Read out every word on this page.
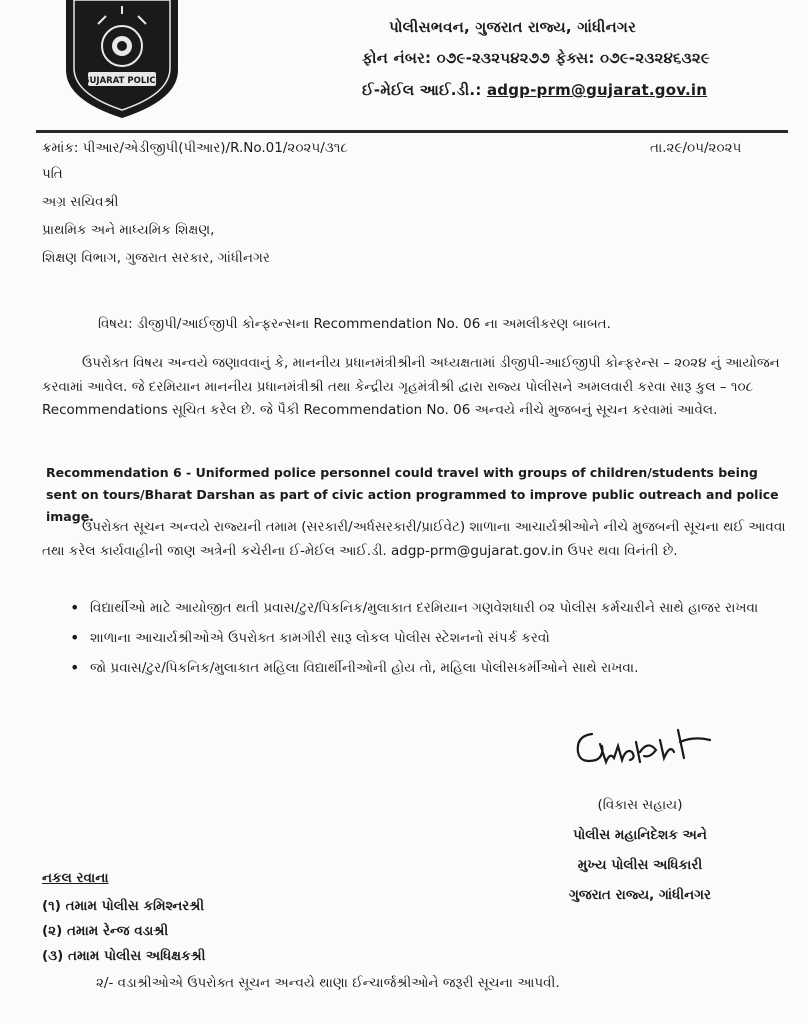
GUJARAT POLICE
પોલીસભવન, ગુજરાત રાજ્ય, ગાંધીનગર
ફોન નંબર: ૦૭૯-૨૩૨૫૪૨૭૭ ફેક્સ: ૦૭૯-૨૩૨૪૬૩૨૯
ઈ-મેઈલ આઈ.ડી.: adgp-prm@gujarat.gov.in
ક્રમાંક: પીઆર/એડીજીપી(પીઆર)/R.No.01/૨૦૨૫/૩૧૮	તા.૨૯/૦૫/૨૦૨૫
પતિ
અગ્ર સચિવશ્રી
પ્રાથમિક અને માધ્યમિક શિક્ષણ,
શિક્ષણ વિભાગ, ગુજરાત સરકાર, ગાંધીનગર
વિષય: ડીજીપી/આઈજીપી કોન્ફરન્સના Recommendation No. 06 ના અમલીકરણ બાબત.
ઉપરોક્ત વિષય અન્વયે જણાવવાનું કે, માનનીય પ્રધાનમંત્રીશ્રીની અધ્યક્ષતામાં ડીજીપી-આઈજીપી કોન્ફરન્સ – ૨૦૨૪ નું આયોજન કરવામાં આવેલ. જે દરમિયાન માનનીય પ્રધાનમંત્રીશ્રી તથા કેન્દ્રીય ગૃહમંત્રીશ્રી દ્વારા રાજ્ય પોલીસને અમલવારી કરવા સારૂ કુલ – ૧૦૮ Recommendations સૂચિત કરેલ છે. જે પૈકી Recommendation No. 06 અન્વયે નીચે મુજબનું સૂચન કરવામાં આવેલ.
Recommendation 6 - Uniformed police personnel could travel with groups of children/students being sent on tours/Bharat Darshan as part of civic action programmed to improve public outreach and police image.
ઉપરોક્ત સૂચન અન્વયે રાજ્યની તમામ (સરકારી/અર્ધસરકારી/પ્રાઈવેટ) શાળાના આચાર્યશ્રીઓને નીચે મુજબની સૂચના થઈ આવવા તથા કરેલ કાર્યવાહીની જાણ અત્રેની કચેરીના ઈ-મેઈલ આઈ.ડી. adgp-prm@gujarat.gov.in ઉપર થવા વિનંતી છે.
• વિદ્યાર્થીઓ માટે આયોજીત થતી પ્રવાસ/ટુર/પિકનિક/મુલાકાત દરમિયાન ગણવેશધારી ૦૨ પોલીસ કર્મચારીને સાથે હાજર રાખવા
• શાળાના આચાર્યશ્રીઓએ ઉપરોક્ત કામગીરી સારૂ લોકલ પોલીસ સ્ટેશનનો સંપર્ક કરવો
• જો પ્રવાસ/ટુર/પિકનિક/મુલાકાત મહિલા વિદ્યાર્થીનીઓની હોય તો, મહિલા પોલીસકર્મીઓને સાથે રાખવા.
(વિકાસ સહાય)
પોલીસ મહાનિદેશક અને
મુખ્ય પોલીસ અધિકારી
ગુજરાત રાજ્ય, ગાંધીનગર
નકલ રવાના
(૧) તમામ પોલીસ કમિશ્નરશ્રી
(૨) તમામ રેન્જ વડાશ્રી
(૩) તમામ પોલીસ અધિક્ષકશ્રી
૨/- વડાશ્રીઓએ ઉપરોક્ત સૂચન અન્વયે થાણા ઈન્ચાર્જશ્રીઓને જરૂરી સૂચના આપવી.
